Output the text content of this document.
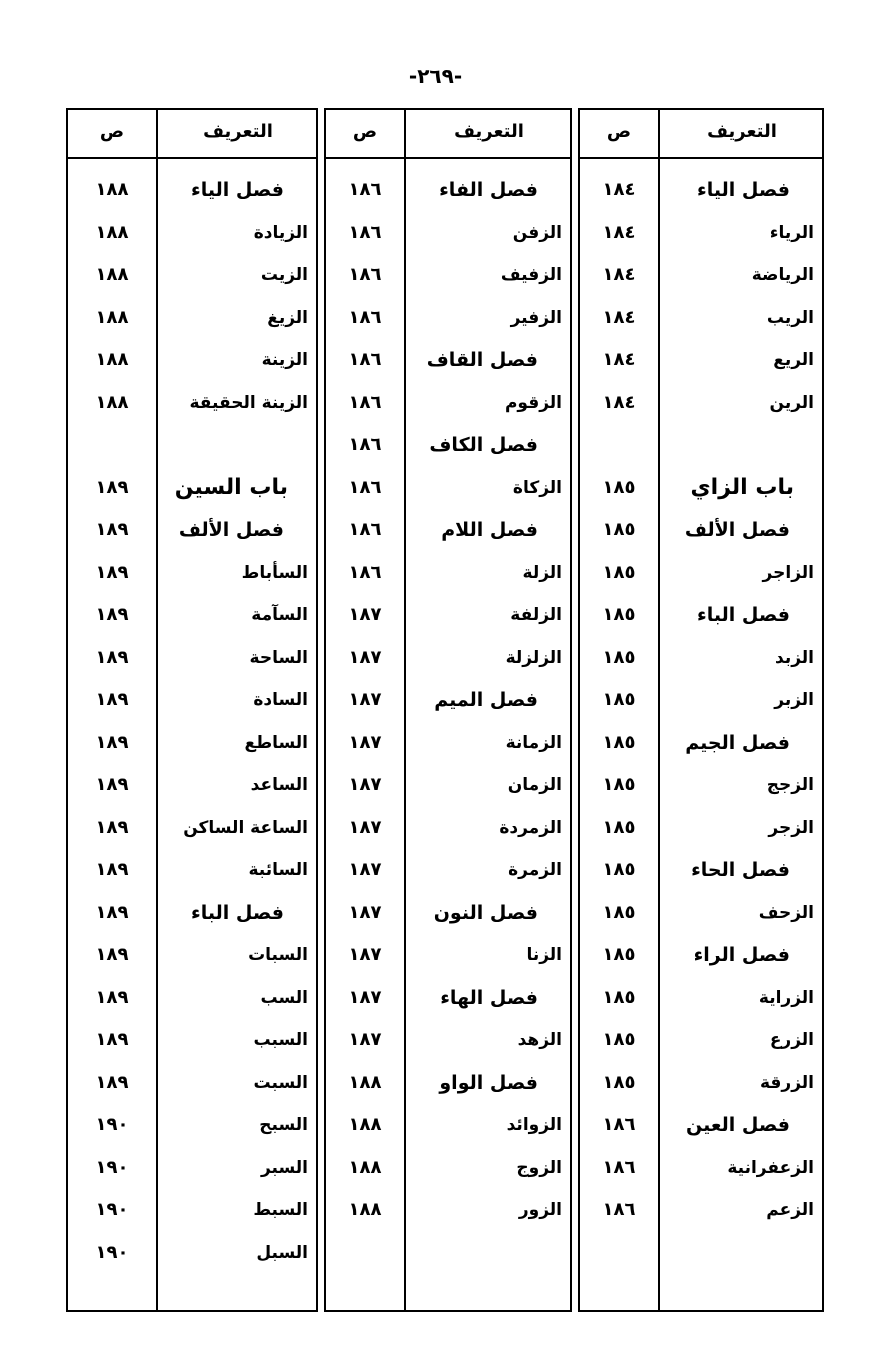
-٢٦٩-
ص	التعريف
١٨٤	فصل الياء
١٨٤	الرياء
١٨٤	الرياضة
١٨٤	الريب
١٨٤	الريع
١٨٤	الرين
١٨٥	باب الزاي
١٨٥	فصل الألف
١٨٥	الزاجر
١٨٥	فصل الباء
١٨٥	الزبد
١٨٥	الزبر
١٨٥	فصل الجيم
١٨٥	الزجج
١٨٥	الزجر
١٨٥	فصل الحاء
١٨٥	الزحف
١٨٥	فصل الراء
١٨٥	الزراية
١٨٥	الزرع
١٨٥	الزرقة
١٨٦	فصل العين
١٨٦	الزعفرانية
١٨٦	الزعم
ص	التعريف
١٨٦	فصل الفاء
١٨٦	الزفن
١٨٦	الزفيف
١٨٦	الزفير
١٨٦	فصل القاف
١٨٦	الزقوم
١٨٦	فصل الكاف
١٨٦	الزكاة
١٨٦	فصل اللام
١٨٦	الزلة
١٨٧	الزلفة
١٨٧	الزلزلة
١٨٧	فصل الميم
١٨٧	الزمانة
١٨٧	الزمان
١٨٧	الزمردة
١٨٧	الزمرة
١٨٧	فصل النون
١٨٧	الزنا
١٨٧	فصل الهاء
١٨٧	الزهد
١٨٨	فصل الواو
١٨٨	الزوائد
١٨٨	الزوج
١٨٨	الزور
ص	التعريف
١٨٨	فصل الياء
١٨٨	الزيادة
١٨٨	الزيت
١٨٨	الزيغ
١٨٨	الزينة
١٨٨	الزينة الحقيقة
١٨٩	باب السين
١٨٩	فصل الألف
١٨٩	السأباط
١٨٩	السآمة
١٨٩	الساحة
١٨٩	السادة
١٨٩	الساطع
١٨٩	الساعد
١٨٩	الساعة الساكن
١٨٩	السائبة
١٨٩	فصل الباء
١٨٩	السبات
١٨٩	السب
١٨٩	السبب
١٨٩	السبت
١٩٠	السبح
١٩٠	السبر
١٩٠	السبط
١٩٠	السبل
